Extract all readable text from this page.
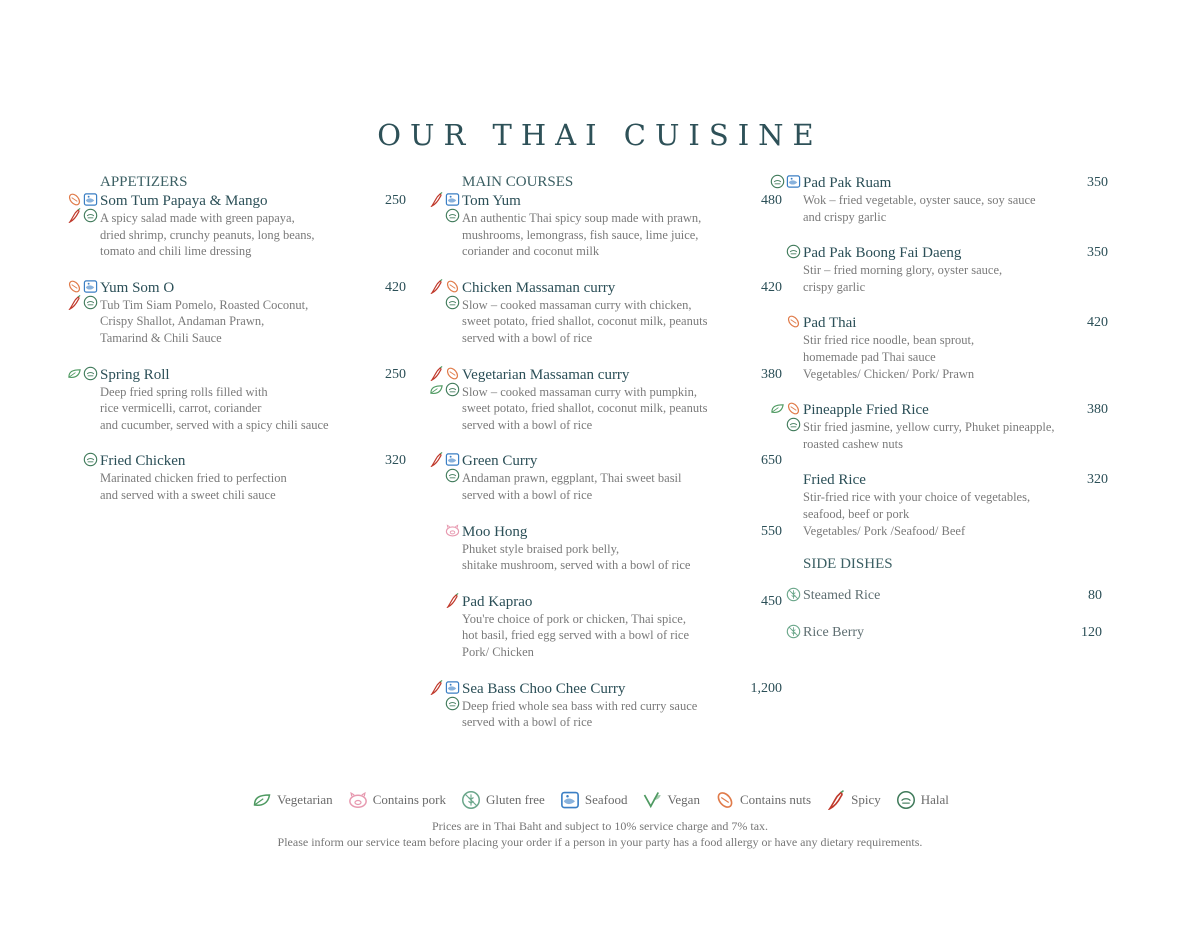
OUR THAI CUISINE
APPETIZERS
Som Tum Papaya & Mango	250
A spicy salad made with green papaya,
dried shrimp, crunchy peanuts, long beans,
tomato and chili lime dressing
Yum Som O	420
Tub Tim Siam Pomelo, Roasted Coconut,
Crispy Shallot, Andaman Prawn,
Tamarind & Chili Sauce
Spring Roll	250
Deep fried spring rolls filled with
rice vermicelli, carrot, coriander
and cucumber, served with a spicy chili sauce
Fried Chicken	320
Marinated chicken fried to perfection
and served with a sweet chili sauce
MAIN COURSES
Tom Yum	480
An authentic Thai spicy soup made with prawn,
mushrooms, lemongrass, fish sauce, lime juice,
coriander and coconut milk
Chicken Massaman curry	420
Slow – cooked massaman curry with chicken,
sweet potato, fried shallot, coconut milk, peanuts
served with a bowl of rice
Vegetarian Massaman curry	380
Slow – cooked massaman curry with pumpkin,
sweet potato, fried shallot, coconut milk, peanuts
served with a bowl of rice
Green Curry	650
Andaman prawn, eggplant, Thai sweet basil
served with a bowl of rice
Moo Hong	550
Phuket style braised pork belly,
shitake mushroom, served with a bowl of rice
Pad Kaprao	450
You're choice of pork or chicken, Thai spice,
hot basil, fried egg served with a bowl of rice
Pork/ Chicken
Sea Bass Choo Chee Curry	1,200
Deep fried whole sea bass with red curry sauce
served with a bowl of rice
Pad Pak Ruam	350
Wok – fried vegetable, oyster sauce, soy sauce
and crispy garlic
Pad Pak Boong Fai Daeng	350
Stir – fried morning glory, oyster sauce,
crispy garlic
Pad Thai	420
Stir fried rice noodle, bean sprout,
homemade pad Thai sauce
Vegetables/ Chicken/ Pork/ Prawn
Pineapple Fried Rice	380
Stir fried jasmine, yellow curry, Phuket pineapple,
roasted cashew nuts
Fried Rice	320
Stir-fried rice with your choice of vegetables,
seafood, beef or pork
Vegetables/ Pork /Seafood/ Beef
SIDE DISHES
Steamed Rice	80
Rice Berry	120
Vegetarian	Contains pork	Gluten free	Seafood	Vegan	Contains nuts	Spicy	Halal
Prices are in Thai Baht and subject to 10% service charge and 7% tax.
Please inform our service team before placing your order if a person in your party has a food allergy or have any dietary requirements.
